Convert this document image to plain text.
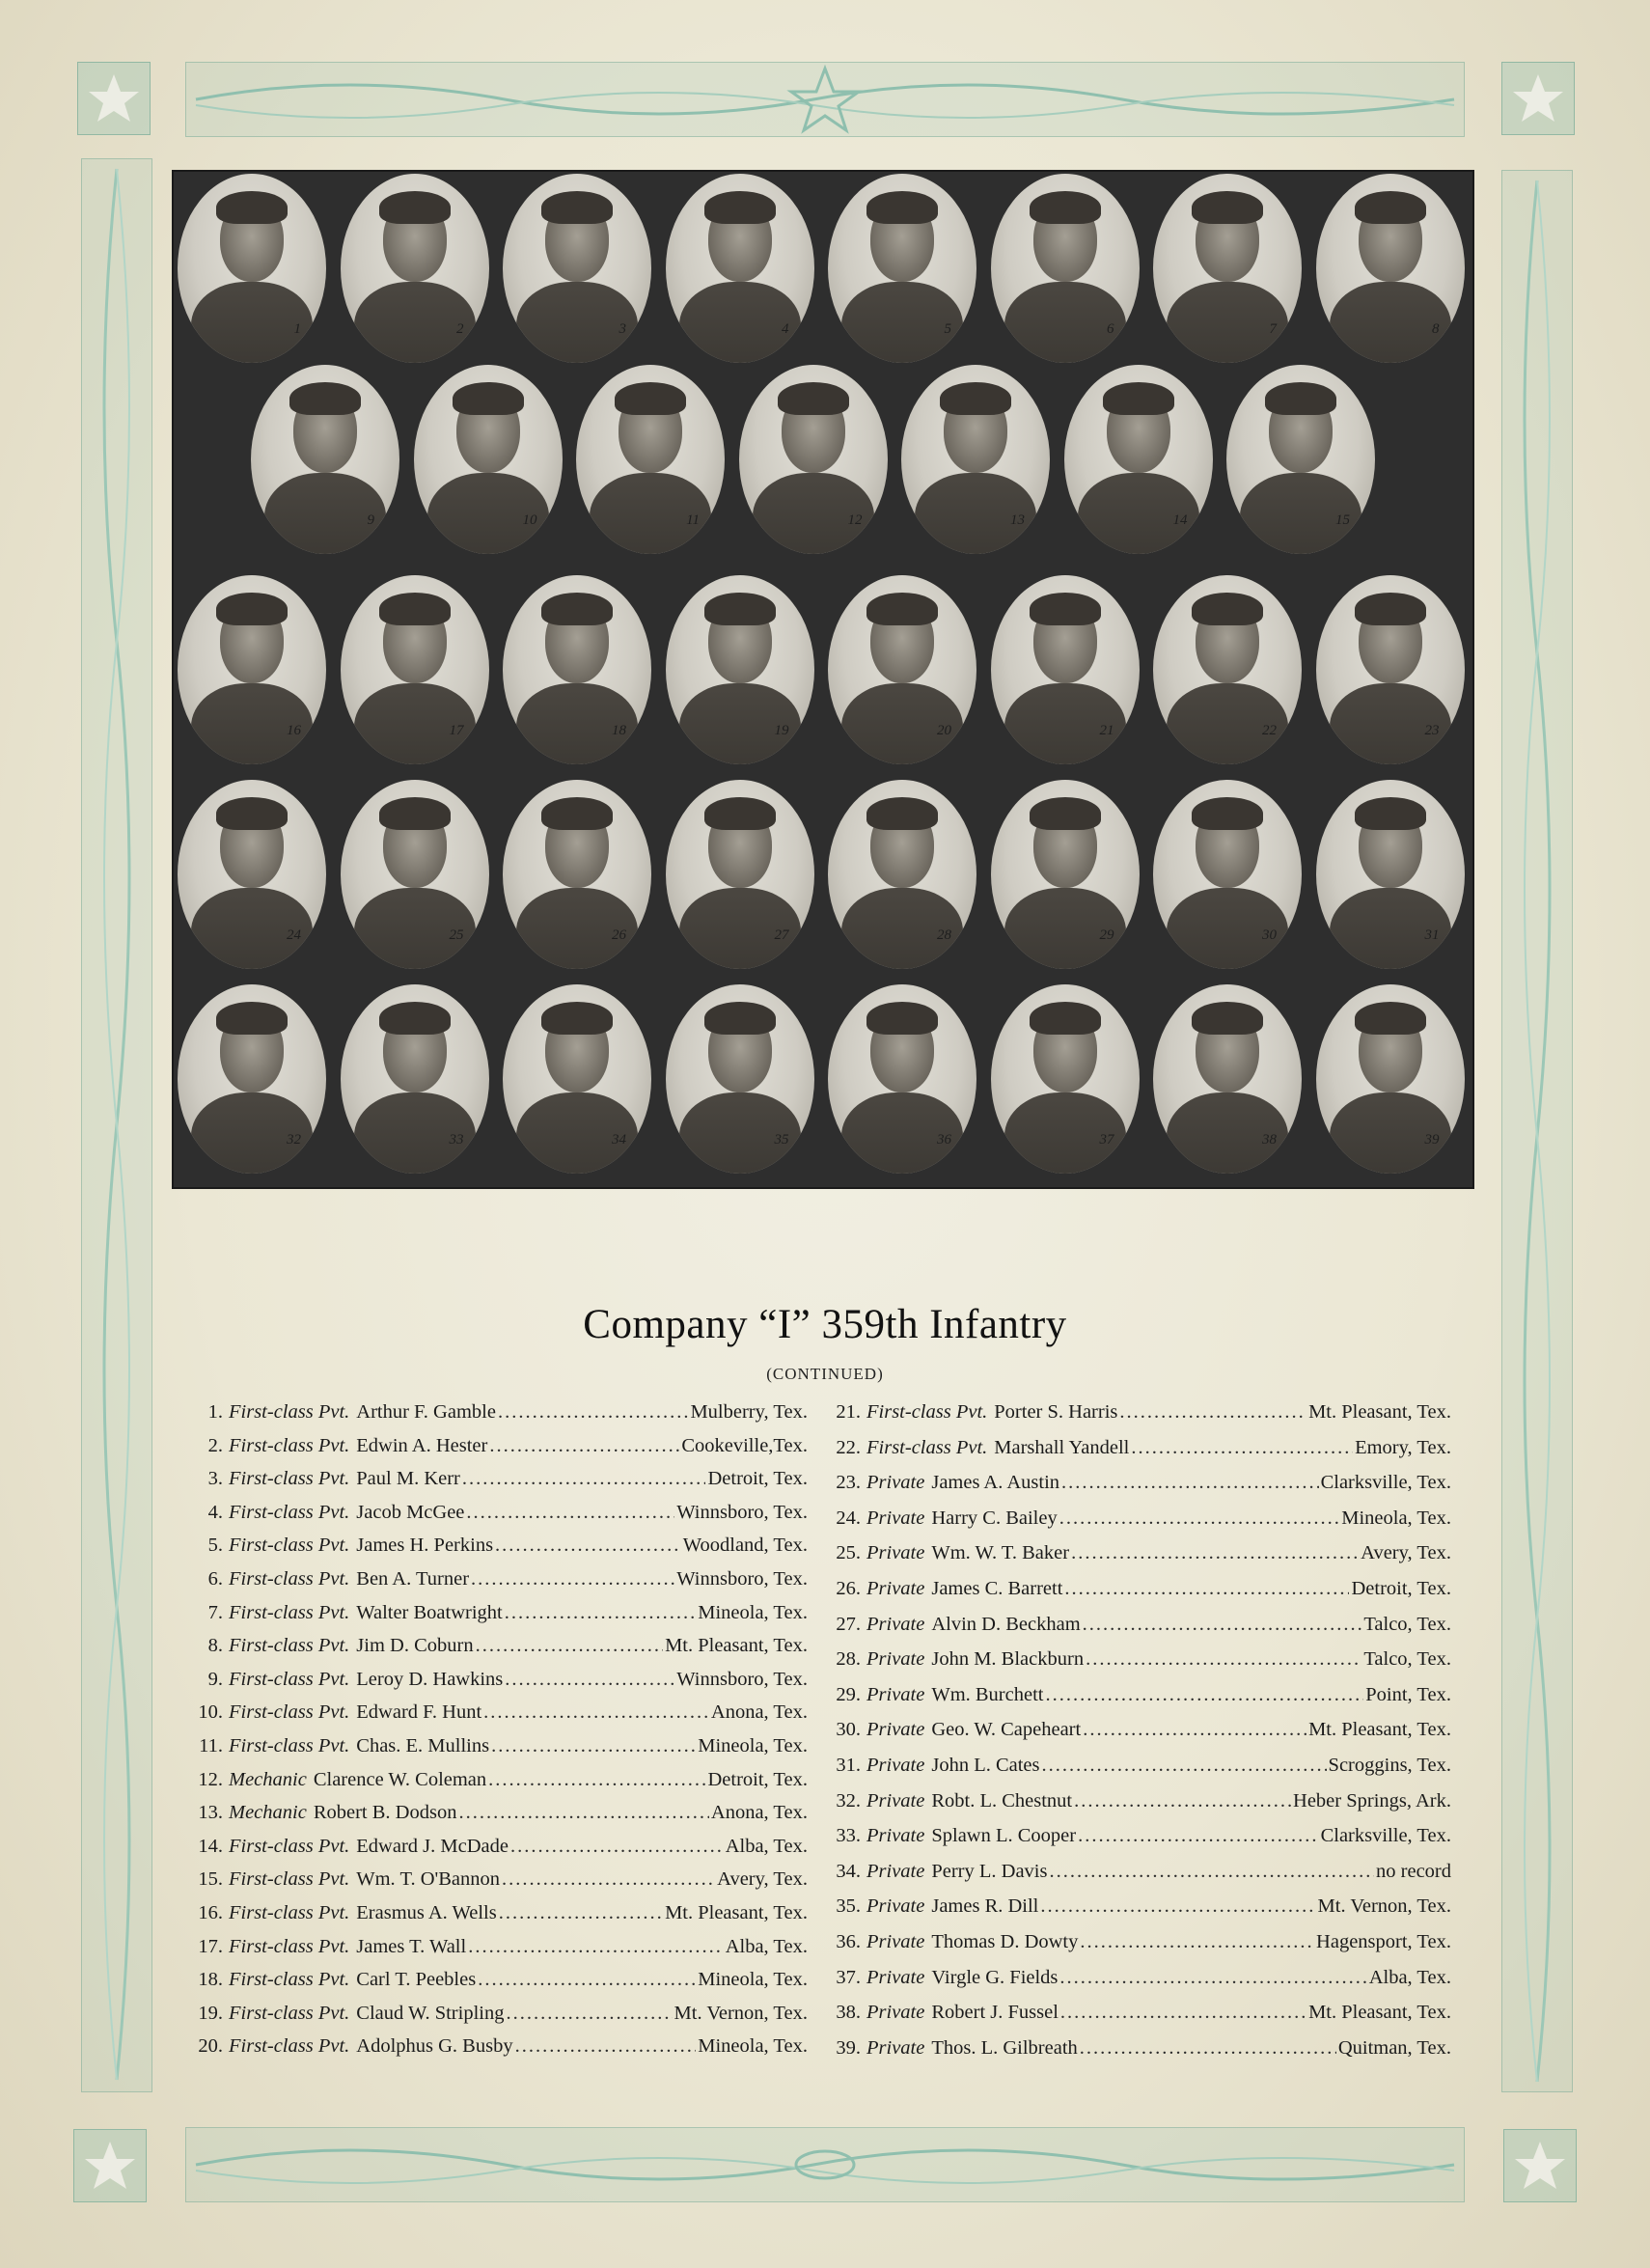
1	2	3	4	5	6	7	8
9	10	11	12	13	14	15
16	17	18	19	20	21	22	23
24	25	26	27	28	29	30	31
32	33	34	35	36	37	38	39
Company “I” 359th Infantry
(CONTINUED)
1. First-class Pvt. Arthur F. Gamble .....	Mulberry, Tex.
2. First-class Pvt. Edwin A. Hester .....	Cookeville,Tex.
3. First-class Pvt. Paul M. Kerr .....	Detroit, Tex.
4. First-class Pvt. Jacob McGee .....	Winnsboro, Tex.
5. First-class Pvt. James H. Perkins .....	Woodland, Tex.
6. First-class Pvt. Ben A. Turner .....	Winnsboro, Tex.
7. First-class Pvt. Walter Boatwright .....	Mineola, Tex.
8. First-class Pvt. Jim D. Coburn .....	Mt. Pleasant, Tex.
9. First-class Pvt. Leroy D. Hawkins .....	Winnsboro, Tex.
10. First-class Pvt. Edward F. Hunt .....	Anona, Tex.
11. First-class Pvt. Chas. E. Mullins .....	Mineola, Tex.
12. Mechanic Clarence W. Coleman .....	Detroit, Tex.
13. Mechanic Robert B. Dodson .....	Anona, Tex.
14. First-class Pvt. Edward J. McDade .....	Alba, Tex.
15. First-class Pvt. Wm. T. O'Bannon .....	Avery, Tex.
16. First-class Pvt. Erasmus A. Wells .....	Mt. Pleasant, Tex.
17. First-class Pvt. James T. Wall .....	Alba, Tex.
18. First-class Pvt. Carl T. Peebles .....	Mineola, Tex.
19. First-class Pvt. Claud W. Stripling .....	Mt. Vernon, Tex.
20. First-class Pvt. Adolphus G. Busby .....	Mineola, Tex.
21. First-class Pvt. Porter S. Harris .....	Mt. Pleasant, Tex.
22. First-class Pvt. Marshall Yandell .....	Emory, Tex.
23. Private James A. Austin .....	Clarksville, Tex.
24. Private Harry C. Bailey .....	Mineola, Tex.
25. Private Wm. W. T. Baker .....	Avery, Tex.
26. Private James C. Barrett .....	Detroit, Tex.
27. Private Alvin D. Beckham .....	Talco, Tex.
28. Private John M. Blackburn .....	Talco, Tex.
29. Private Wm. Burchett .....	Point, Tex.
30. Private Geo. W. Capeheart .....	Mt. Pleasant, Tex.
31. Private John L. Cates .....	Scroggins, Tex.
32. Private Robt. L. Chestnut .....	Heber Springs, Ark.
33. Private Splawn L. Cooper .....	Clarksville, Tex.
34. Private Perry L. Davis .....	no record
35. Private James R. Dill .....	Mt. Vernon, Tex.
36. Private Thomas D. Dowty .....	Hagensport, Tex.
37. Private Virgle G. Fields .....	Alba, Tex.
38. Private Robert J. Fussel .....	Mt. Pleasant, Tex.
39. Private Thos. L. Gilbreath .....	Quitman, Tex.
